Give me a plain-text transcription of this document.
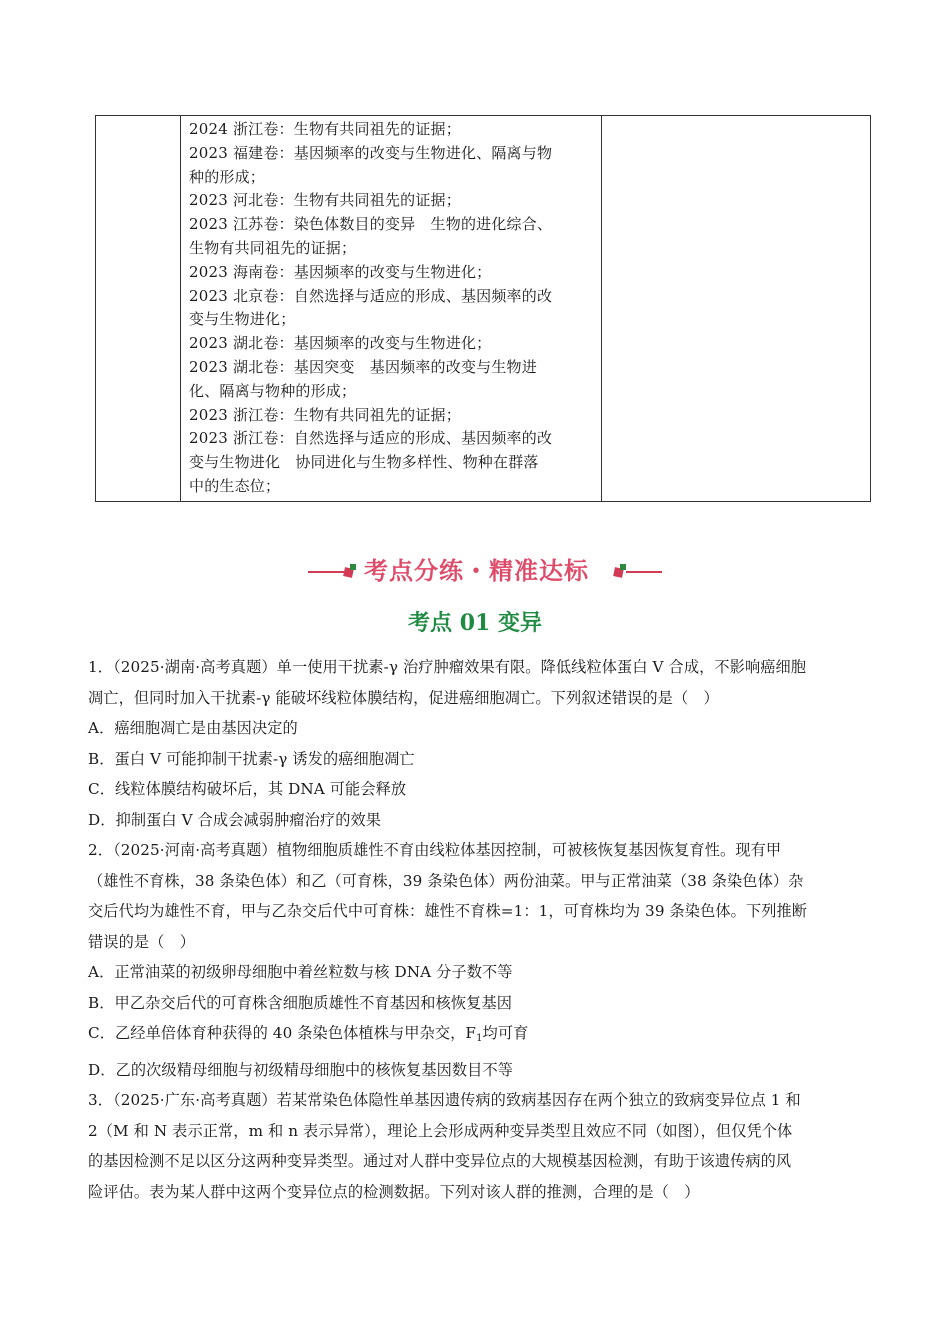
2024 浙江卷：生物有共同祖先的证据；
2023 福建卷：基因频率的改变与生物进化、隔离与物
种的形成；
2023 河北卷：生物有共同祖先的证据；
2023 江苏卷：染色体数目的变异　生物的进化综合、
生物有共同祖先的证据；
2023 海南卷：基因频率的改变与生物进化；
2023 北京卷：自然选择与适应的形成、基因频率的改
变与生物进化；
2023 湖北卷：基因频率的改变与生物进化；
2023 湖北卷：基因突变　基因频率的改变与生物进
化、隔离与物种的形成；
2023 浙江卷：生物有共同祖先的证据；
2023 浙江卷：自然选择与适应的形成、基因频率的改
变与生物进化　协同进化与生物多样性、物种在群落
中的生态位；

考点分练・精准达标
考点 01 变异

1．（2025·湖南·高考真题）单一使用干扰素-γ 治疗肿瘤效果有限。降低线粒体蛋白 V 合成，不影响癌细胞

凋亡，但同时加入干扰素-γ 能破坏线粒体膜结构，促进癌细胞凋亡。下列叙述错误的是（　）

A．癌细胞凋亡是由基因决定的

B．蛋白 V 可能抑制干扰素-γ 诱发的癌细胞凋亡

C．线粒体膜结构破坏后，其 DNA 可能会释放

D．抑制蛋白 V 合成会减弱肿瘤治疗的效果

2．（2025·河南·高考真题）植物细胞质雄性不育由线粒体基因控制，可被核恢复基因恢复育性。现有甲

（雄性不育株，38 条染色体）和乙（可育株，39 条染色体）两份油菜。甲与正常油菜（38 条染色体）杂

交后代均为雄性不育，甲与乙杂交后代中可育株：雄性不育株=1：1，可育株均为 39 条染色体。下列推断

错误的是（　）

A．正常油菜的初级卵母细胞中着丝粒数与核 DNA 分子数不等

B．甲乙杂交后代的可育株含细胞质雄性不育基因和核恢复基因

C．乙经单倍体育种获得的 40 条染色体植株与甲杂交，$F_1$均可育

D．乙的次级精母细胞与初级精母细胞中的核恢复基因数目不等

3．（2025·广东·高考真题）若某常染色体隐性单基因遗传病的致病基因存在两个独立的致病变异位点 1 和

2（M 和 N 表示正常，m 和 n 表示异常），理论上会形成两种变异类型且效应不同（如图），但仅凭个体

的基因检测不足以区分这两种变异类型。通过对人群中变异位点的大规模基因检测，有助于该遗传病的风

险评估。表为某人群中这两个变异位点的检测数据。下列对该人群的推测，合理的是（　）
